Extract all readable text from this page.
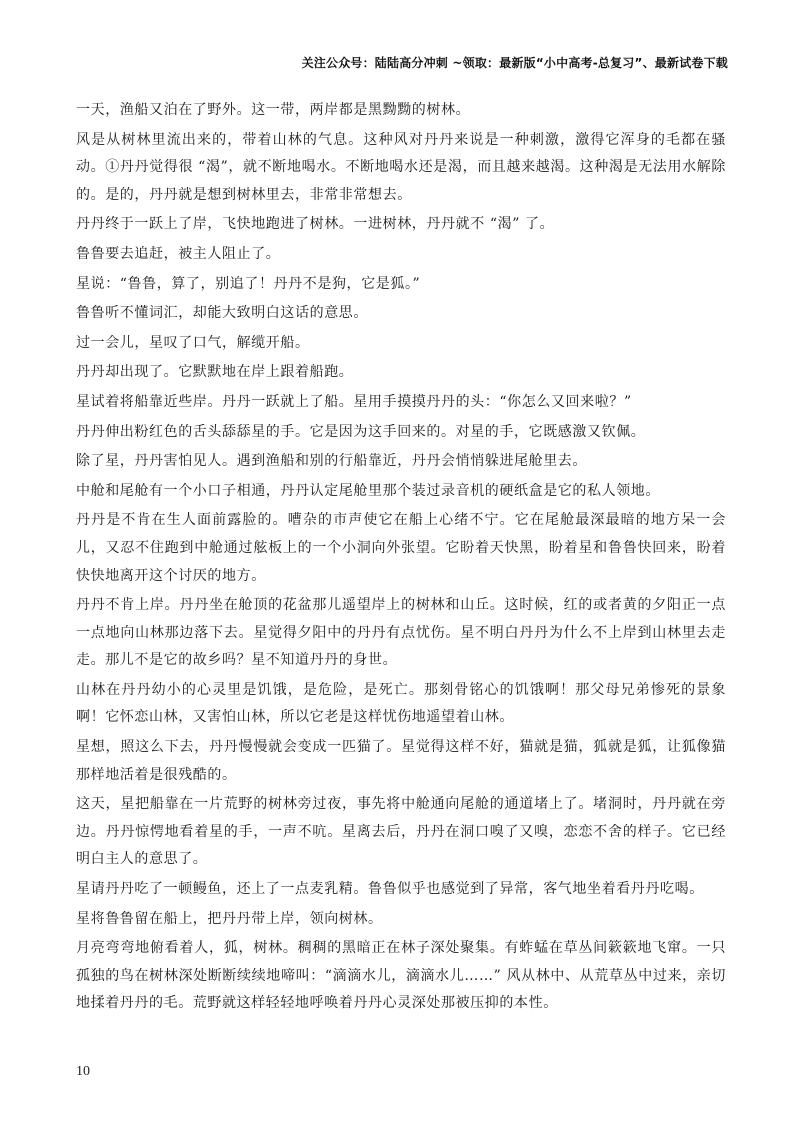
关注公众号：陆陆高分冲刺 ~领取：最新版“小中高考-总复习”、最新试卷下载

一天，渔船又泊在了野外。这一带，两岸都是黑黝黝的树林。

风是从树林里流出来的，带着山林的气息。这种风对丹丹来说是一种刺激，激得它浑身的毛都在骚动。①丹丹觉得很 “渴”，就不断地喝水。不断地喝水还是渴，而且越来越渴。这种渴是无法用水解除的。是的，丹丹就是想到树林里去，非常非常想去。

丹丹终于一跃上了岸，飞快地跑进了树林。一进树林，丹丹就不 “渴” 了。

鲁鲁要去追赶，被主人阻止了。

星说：“鲁鲁，算了，别追了！丹丹不是狗，它是狐。”

鲁鲁听不懂词汇，却能大致明白这话的意思。

过一会儿，星叹了口气，解缆开船。

丹丹却出现了。它默默地在岸上跟着船跑。

星试着将船靠近些岸。丹丹一跃就上了船。星用手摸摸丹丹的头：“你怎么又回来啦？”

丹丹伸出粉红色的舌头舔舔星的手。它是因为这手回来的。对星的手，它既感激又钦佩。

除了星，丹丹害怕见人。遇到渔船和别的行船靠近，丹丹会悄悄躲进尾舱里去。

中舱和尾舱有一个小口子相通，丹丹认定尾舱里那个装过录音机的硬纸盒是它的私人领地。

丹丹是不肯在生人面前露脸的。嘈杂的市声使它在船上心绪不宁。它在尾舱最深最暗的地方呆一会儿，又忍不住跑到中舱通过舷板上的一个小洞向外张望。它盼着天快黑，盼着星和鲁鲁快回来，盼着快快地离开这个讨厌的地方。

丹丹不肯上岸。丹丹坐在舱顶的花盆那儿遥望岸上的树林和山丘。这时候，红的或者黄的夕阳正一点一点地向山林那边落下去。星觉得夕阳中的丹丹有点忧伤。星不明白丹丹为什么不上岸到山林里去走走。那儿不是它的故乡吗？星不知道丹丹的身世。

山林在丹丹幼小的心灵里是饥饿，是危险，是死亡。那刻骨铭心的饥饿啊！那父母兄弟惨死的景象啊！它怀恋山林，又害怕山林，所以它老是这样忧伤地遥望着山林。

星想，照这么下去，丹丹慢慢就会变成一匹猫了。星觉得这样不好，猫就是猫，狐就是狐，让狐像猫那样地活着是很残酷的。

这天，星把船靠在一片荒野的树林旁过夜，事先将中舱通向尾舱的通道堵上了。堵洞时，丹丹就在旁边。丹丹惊愕地看着星的手，一声不吭。星离去后，丹丹在洞口嗅了又嗅，恋恋不舍的样子。它已经明白主人的意思了。

星请丹丹吃了一顿鳗鱼，还上了一点麦乳精。鲁鲁似乎也感觉到了异常，客气地坐着看丹丹吃喝。

星将鲁鲁留在船上，把丹丹带上岸，领向树林。

月亮弯弯地俯看着人，狐，树林。稠稠的黑暗正在林子深处聚集。有蚱蜢在草丛间簌簌地飞窜。一只孤独的鸟在树林深处断断续续地啼叫：“滴滴水儿，滴滴水儿……” 风从林中、从荒草丛中过来，亲切地揉着丹丹的毛。荒野就这样轻轻地呼唤着丹丹心灵深处那被压抑的本性。

10
